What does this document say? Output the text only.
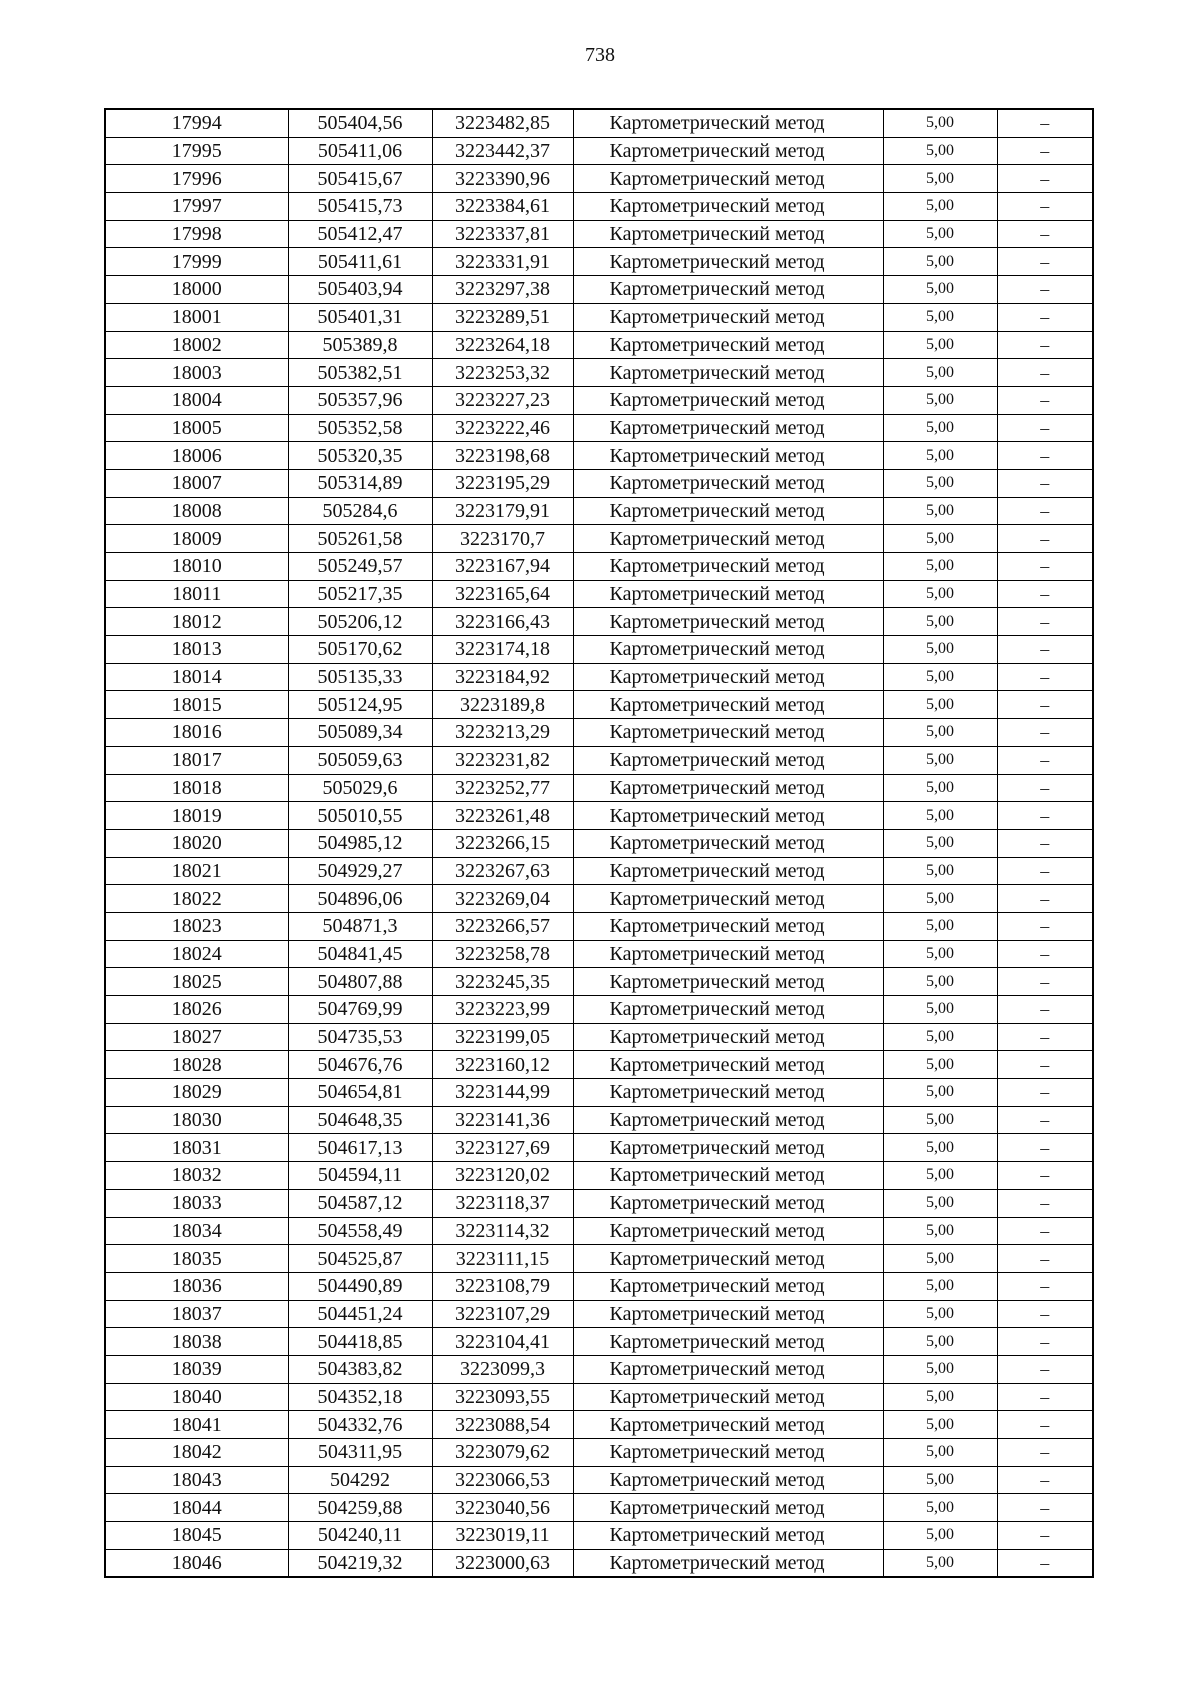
738
17994	505404,56	3223482,85	Картометрический метод	5,00	–
17995	505411,06	3223442,37	Картометрический метод	5,00	–
17996	505415,67	3223390,96	Картометрический метод	5,00	–
17997	505415,73	3223384,61	Картометрический метод	5,00	–
17998	505412,47	3223337,81	Картометрический метод	5,00	–
17999	505411,61	3223331,91	Картометрический метод	5,00	–
18000	505403,94	3223297,38	Картометрический метод	5,00	–
18001	505401,31	3223289,51	Картометрический метод	5,00	–
18002	505389,8	3223264,18	Картометрический метод	5,00	–
18003	505382,51	3223253,32	Картометрический метод	5,00	–
18004	505357,96	3223227,23	Картометрический метод	5,00	–
18005	505352,58	3223222,46	Картометрический метод	5,00	–
18006	505320,35	3223198,68	Картометрический метод	5,00	–
18007	505314,89	3223195,29	Картометрический метод	5,00	–
18008	505284,6	3223179,91	Картометрический метод	5,00	–
18009	505261,58	3223170,7	Картометрический метод	5,00	–
18010	505249,57	3223167,94	Картометрический метод	5,00	–
18011	505217,35	3223165,64	Картометрический метод	5,00	–
18012	505206,12	3223166,43	Картометрический метод	5,00	–
18013	505170,62	3223174,18	Картометрический метод	5,00	–
18014	505135,33	3223184,92	Картометрический метод	5,00	–
18015	505124,95	3223189,8	Картометрический метод	5,00	–
18016	505089,34	3223213,29	Картометрический метод	5,00	–
18017	505059,63	3223231,82	Картометрический метод	5,00	–
18018	505029,6	3223252,77	Картометрический метод	5,00	–
18019	505010,55	3223261,48	Картометрический метод	5,00	–
18020	504985,12	3223266,15	Картометрический метод	5,00	–
18021	504929,27	3223267,63	Картометрический метод	5,00	–
18022	504896,06	3223269,04	Картометрический метод	5,00	–
18023	504871,3	3223266,57	Картометрический метод	5,00	–
18024	504841,45	3223258,78	Картометрический метод	5,00	–
18025	504807,88	3223245,35	Картометрический метод	5,00	–
18026	504769,99	3223223,99	Картометрический метод	5,00	–
18027	504735,53	3223199,05	Картометрический метод	5,00	–
18028	504676,76	3223160,12	Картометрический метод	5,00	–
18029	504654,81	3223144,99	Картометрический метод	5,00	–
18030	504648,35	3223141,36	Картометрический метод	5,00	–
18031	504617,13	3223127,69	Картометрический метод	5,00	–
18032	504594,11	3223120,02	Картометрический метод	5,00	–
18033	504587,12	3223118,37	Картометрический метод	5,00	–
18034	504558,49	3223114,32	Картометрический метод	5,00	–
18035	504525,87	3223111,15	Картометрический метод	5,00	–
18036	504490,89	3223108,79	Картометрический метод	5,00	–
18037	504451,24	3223107,29	Картометрический метод	5,00	–
18038	504418,85	3223104,41	Картометрический метод	5,00	–
18039	504383,82	3223099,3	Картометрический метод	5,00	–
18040	504352,18	3223093,55	Картометрический метод	5,00	–
18041	504332,76	3223088,54	Картометрический метод	5,00	–
18042	504311,95	3223079,62	Картометрический метод	5,00	–
18043	504292	3223066,53	Картометрический метод	5,00	–
18044	504259,88	3223040,56	Картометрический метод	5,00	–
18045	504240,11	3223019,11	Картометрический метод	5,00	–
18046	504219,32	3223000,63	Картометрический метод	5,00	–
